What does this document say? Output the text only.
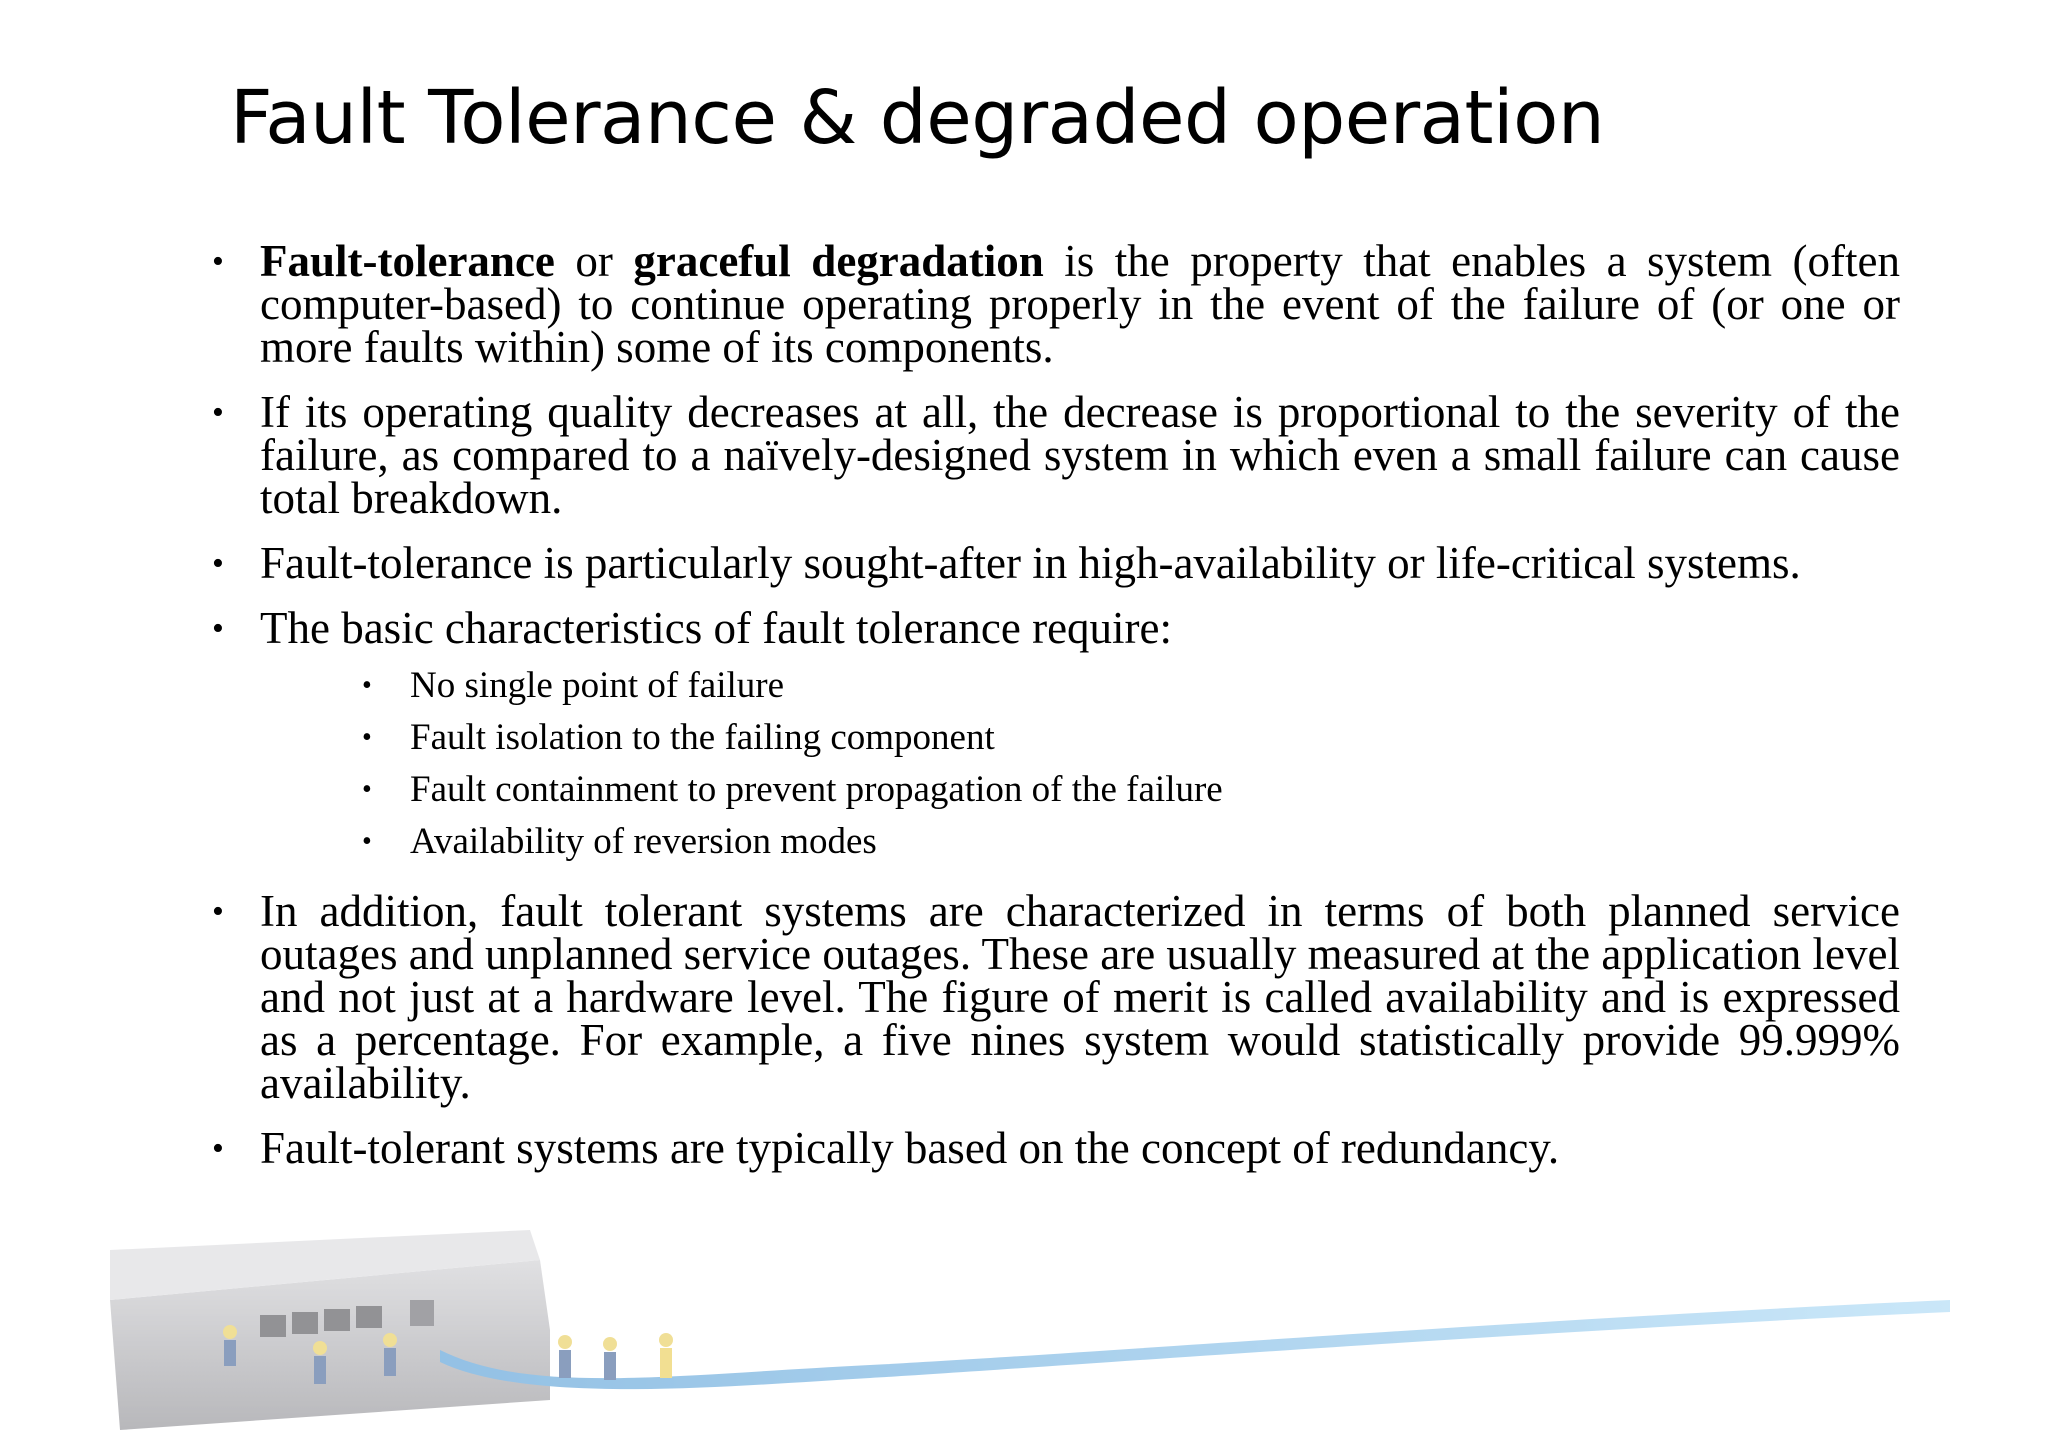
Fault Tolerance & degraded operation
• Fault-tolerance or graceful degradation is the property that enables a system (often computer-based) to continue operating properly in the event of the failure of (or one or more faults within) some of its components.
• If its operating quality decreases at all, the decrease is proportional to the severity of the failure, as compared to a naïvely-designed system in which even a small failure can cause total breakdown.
• Fault-tolerance is particularly sought-after in high-availability or life-critical systems.
• The basic characteristics of fault tolerance require:
• No single point of failure
• Fault isolation to the failing component
• Fault containment to prevent propagation of the failure
• Availability of reversion modes
• In addition, fault tolerant systems are characterized in terms of both planned service outages and unplanned service outages. These are usually measured at the application level and not just at a hardware level. The figure of merit is called availability and is expressed as a percentage. For example, a five nines system would statistically provide 99.999% availability.
• Fault-tolerant systems are typically based on the concept of redundancy.
